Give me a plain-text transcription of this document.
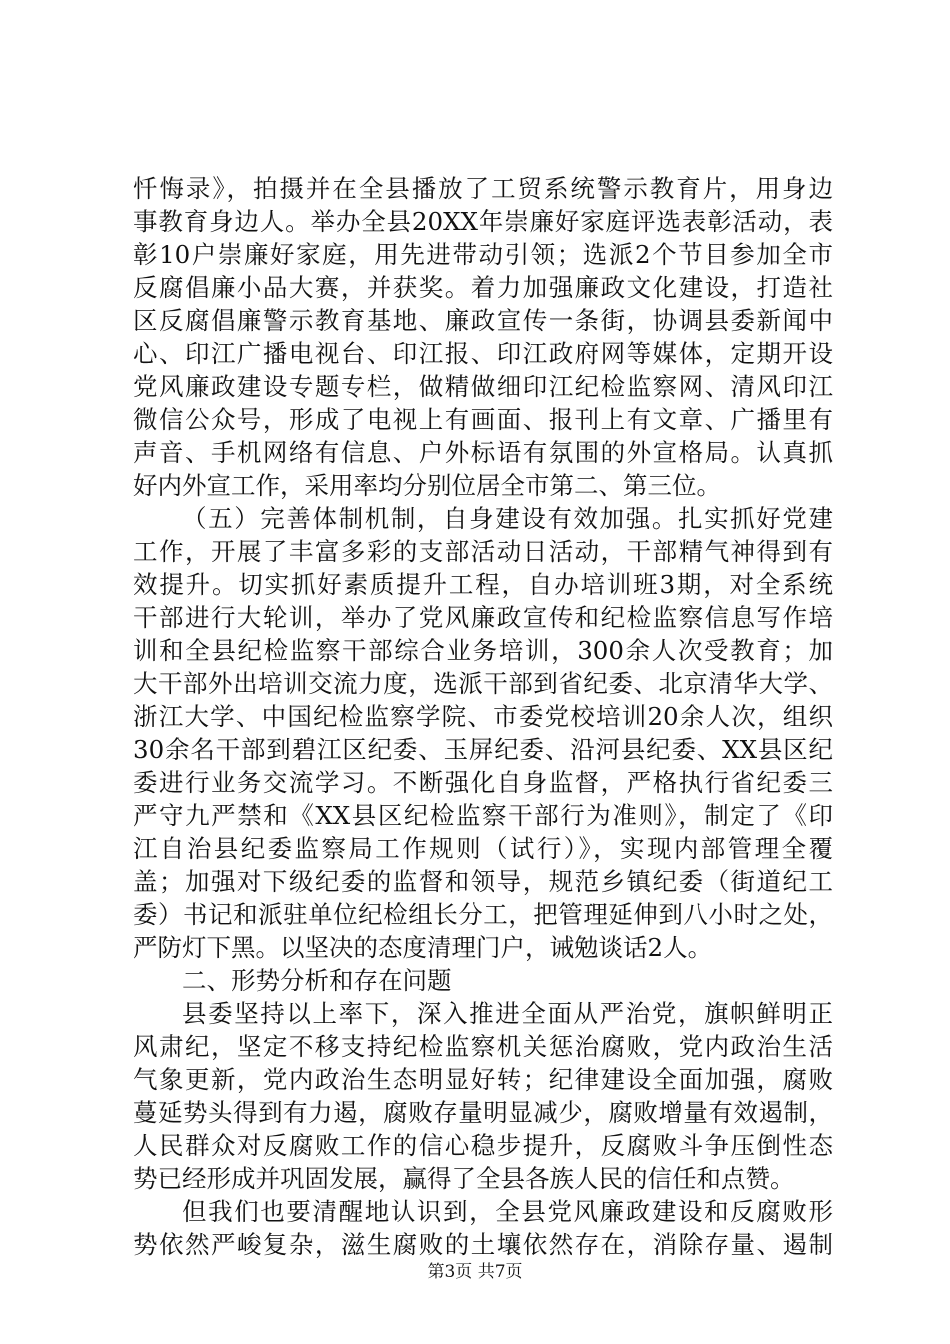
忏悔录》，拍摄并在全县播放了工贸系统警示教育片，用身边
事教育身边人。举办全县20XX年崇廉好家庭评选表彰活动，表
彰10户崇廉好家庭，用先进带动引领；选派2个节目参加全市
反腐倡廉小品大赛，并获奖。着力加强廉政文化建设，打造社
区反腐倡廉警示教育基地、廉政宣传一条街，协调县委新闻中
心、印江广播电视台、印江报、印江政府网等媒体，定期开设
党风廉政建设专题专栏，做精做细印江纪检监察网、清风印江
微信公众号，形成了电视上有画面、报刊上有文章、广播里有
声音、手机网络有信息、户外标语有氛围的外宣格局。认真抓
好内外宣工作，采用率均分别位居全市第二、第三位。
（五）完善体制机制，自身建设有效加强。扎实抓好党建
工作，开展了丰富多彩的支部活动日活动，干部精气神得到有
效提升。切实抓好素质提升工程，自办培训班3期，对全系统
干部进行大轮训，举办了党风廉政宣传和纪检监察信息写作培
训和全县纪检监察干部综合业务培训，300余人次受教育；加
大干部外出培训交流力度，选派干部到省纪委、北京清华大学、
浙江大学、中国纪检监察学院、市委党校培训20余人次，组织
30余名干部到碧江区纪委、玉屏纪委、沿河县纪委、XX县区纪
委进行业务交流学习。不断强化自身监督，严格执行省纪委三
严守九严禁和《XX县区纪检监察干部行为准则》，制定了《印
江自治县纪委监察局工作规则（试行）》，实现内部管理全覆
盖；加强对下级纪委的监督和领导，规范乡镇纪委（街道纪工
委）书记和派驻单位纪检组长分工，把管理延伸到八小时之处，
严防灯下黑。以坚决的态度清理门户，诫勉谈话2人。
二、形势分析和存在问题
县委坚持以上率下，深入推进全面从严治党，旗帜鲜明正
风肃纪，坚定不移支持纪检监察机关惩治腐败，党内政治生活
气象更新，党内政治生态明显好转；纪律建设全面加强，腐败
蔓延势头得到有力遏，腐败存量明显减少，腐败增量有效遏制，
人民群众对反腐败工作的信心稳步提升，反腐败斗争压倒性态
势已经形成并巩固发展，赢得了全县各族人民的信任和点赞。
但我们也要清醒地认识到，全县党风廉政建设和反腐败形
势依然严峻复杂，滋生腐败的土壤依然存在，消除存量、遏制
第3页 共7页
